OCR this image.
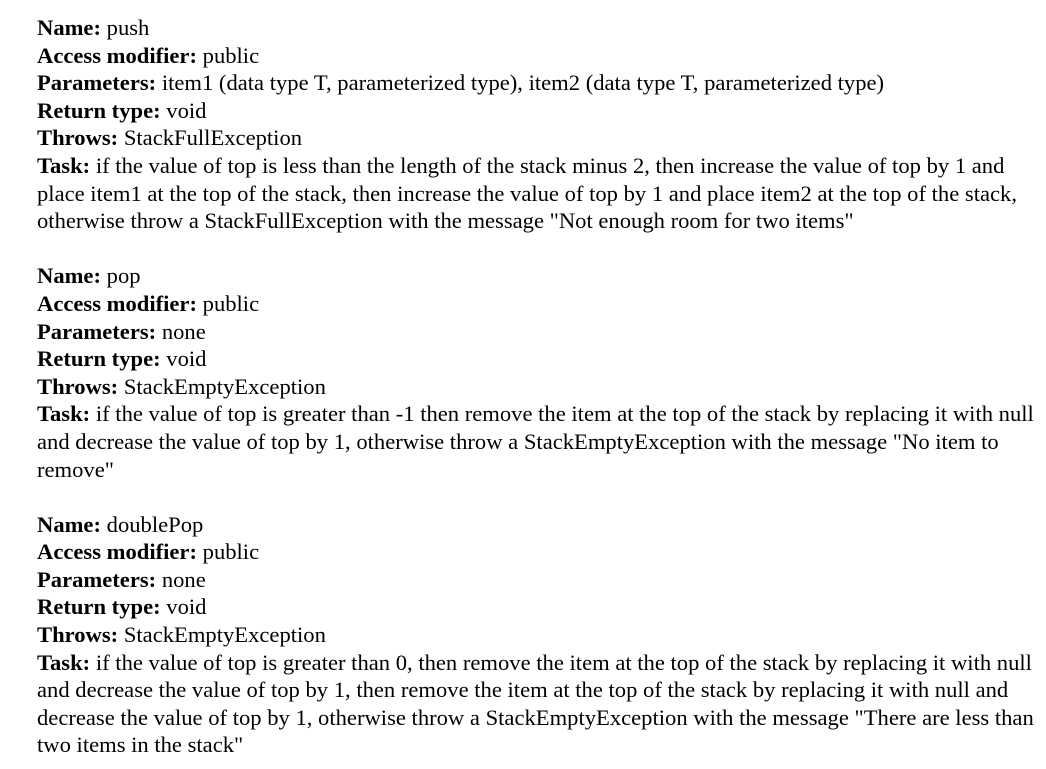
Name: push
Access modifier: public
Parameters: item1 (data type T, parameterized type), item2 (data type T, parameterized type)
Return type: void
Throws: StackFullException
Task: if the value of top is less than the length of the stack minus 2, then increase the value of top by 1 and place item1 at the top of the stack, then increase the value of top by 1 and place item2 at the top of the stack, otherwise throw a StackFullException with the message "Not enough room for two items"
Name: pop
Access modifier: public
Parameters: none
Return type: void
Throws: StackEmptyException
Task: if the value of top is greater than -1 then remove the item at the top of the stack by replacing it with null and decrease the value of top by 1, otherwise throw a StackEmptyException with the message "No item to remove"
Name: doublePop
Access modifier: public
Parameters: none
Return type: void
Throws: StackEmptyException
Task: if the value of top is greater than 0, then remove the item at the top of the stack by replacing it with null and decrease the value of top by 1, then remove the item at the top of the stack by replacing it with null and decrease the value of top by 1, otherwise throw a StackEmptyException with the message "There are less than two items in the stack"
